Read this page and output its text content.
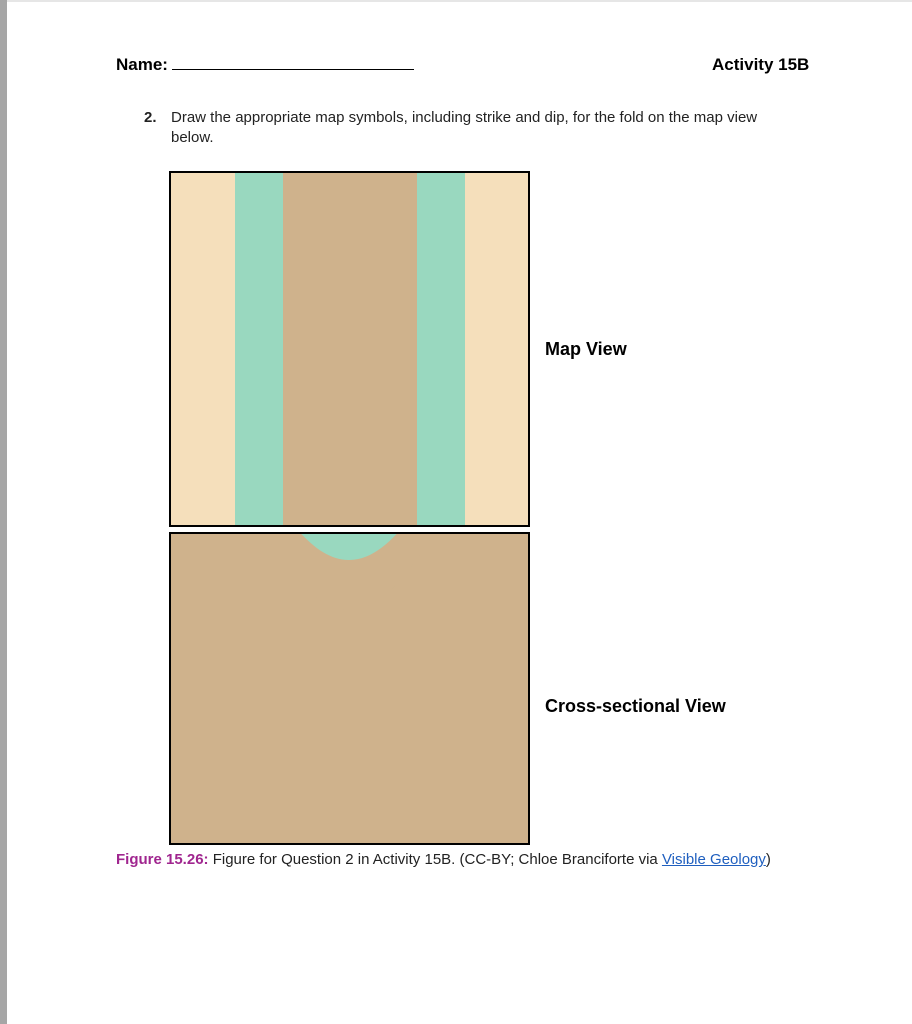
Name:	Activity 15B
2. Draw the appropriate map symbols, including strike and dip, for the fold on the map view below.
Map View
Cross-sectional View
Figure 15.26: Figure for Question 2 in Activity 15B. (CC-BY; Chloe Branciforte via Visible Geology)
